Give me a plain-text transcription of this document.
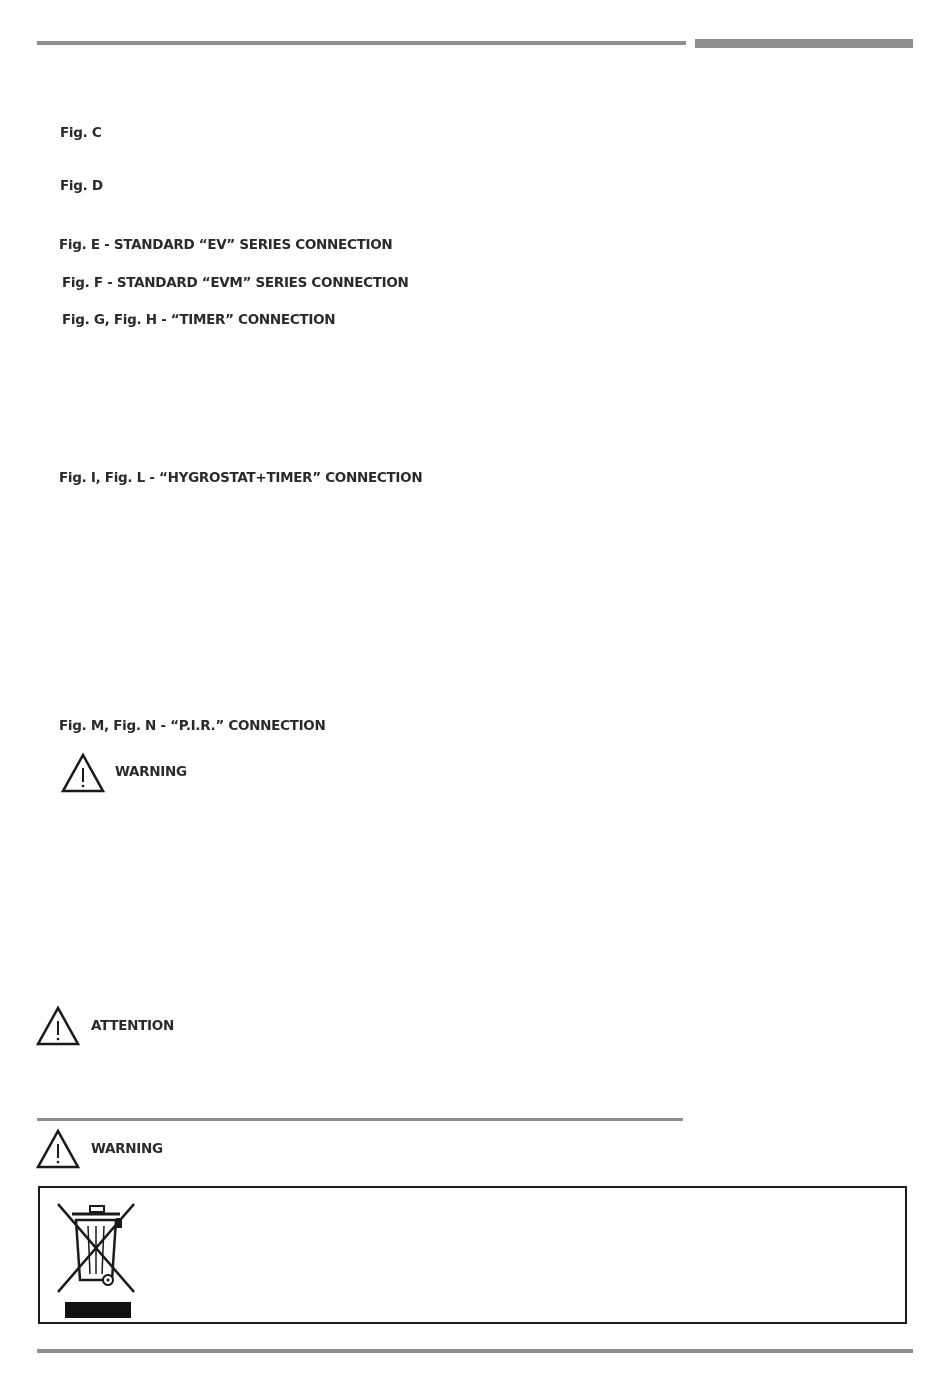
Fig. C
Fig. D
Fig. E - STANDARD “EV” SERIES CONNECTION
Fig. F - STANDARD “EVM” SERIES CONNECTION
Fig. G, Fig. H - “TIMER” CONNECTION
Fig. I, Fig. L - “HYGROSTAT+TIMER” CONNECTION
Fig. M, Fig. N - “P.I.R.” CONNECTION
WARNING
ATTENTION
WARNING
